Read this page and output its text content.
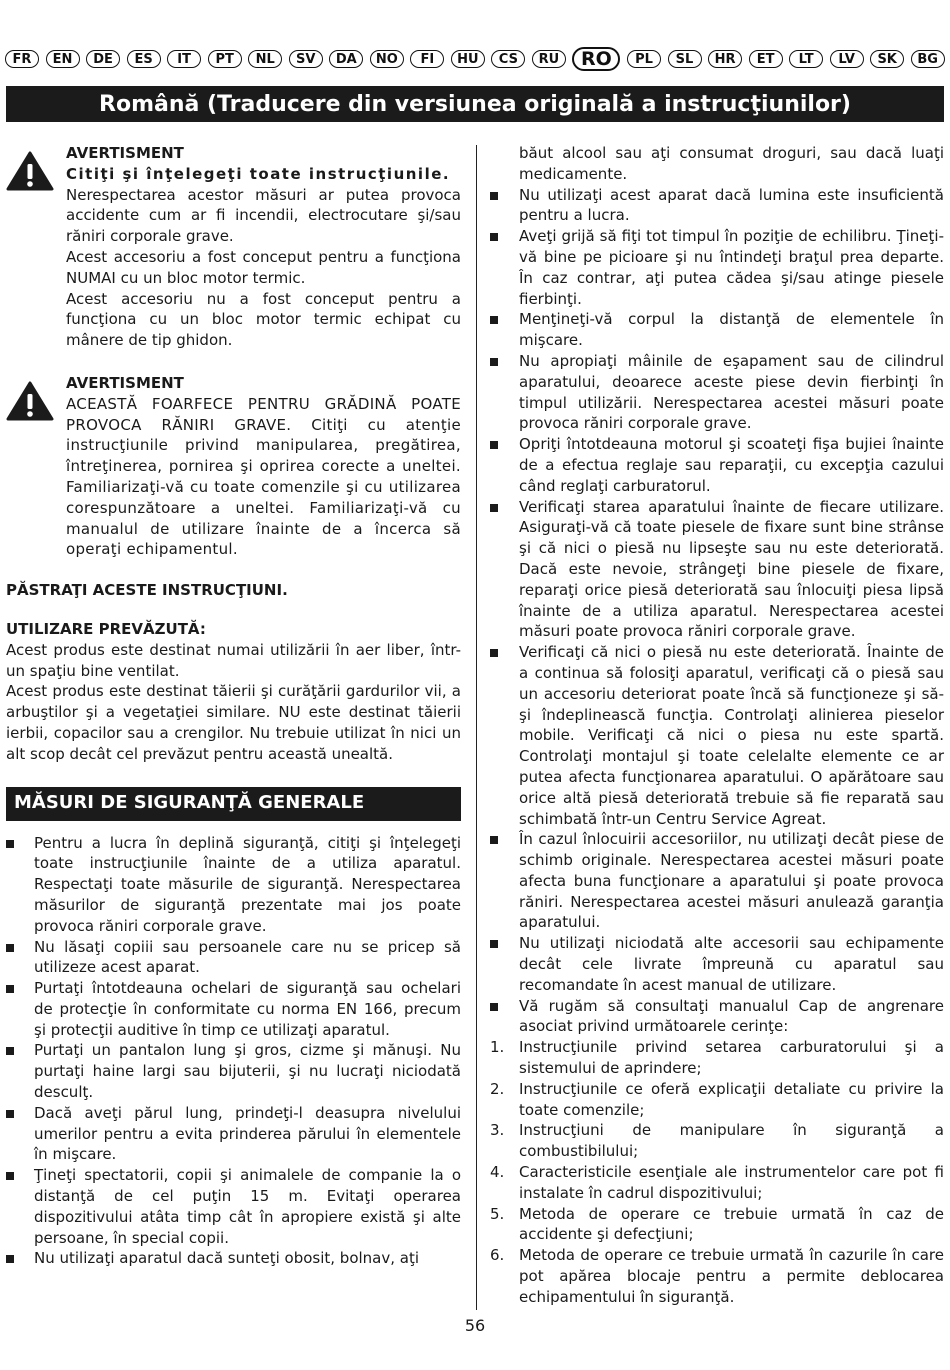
FR	EN	DE	ES	IT	PT	NL	SV	DA	NO	FI	HU	CS	RU	RO	PL	SL	HR	ET	LT	LV	SK	BG
Română (Traducere din versiunea originală a instrucţiunilor)
AVERTISMENT
Citiţi şi înţelegeţi toate instrucţiunile.
Nerespectarea acestor măsuri ar putea provoca accidente cum ar fi incendii, electrocutare şi/sau răniri corporale grave.
Acest accesoriu a fost conceput pentru a funcţiona NUMAI cu un bloc motor termic.
Acest accesoriu nu a fost conceput pentru a funcţiona cu un bloc motor termic echipat cu mânere de tip ghidon.
AVERTISMENT
ACEASTĂ FOARFECE PENTRU GRĂDINĂ POATE PROVOCA RĂNIRI GRAVE. Citiţi cu atenţie instrucţiunile privind manipularea, pregătirea, întreţinerea, pornirea şi oprirea corecte a uneltei. Familiarizaţi-vă cu toate comenzile şi cu utilizarea corespunzătoare a uneltei. Familiarizaţi-vă cu manualul de utilizare înainte de a încerca să operaţi echipamentul.
PĂSTRAŢI ACESTE INSTRUCŢIUNI.
UTILIZARE PREVĂZUTĂ:
Acest produs este destinat numai utilizării în aer liber, într-un spaţiu bine ventilat.
Acest produs este destinat tăierii şi curăţării gardurilor vii, a arbuştilor şi a vegetaţiei similare. NU este destinat tăierii ierbii, copacilor sau a crengilor. Nu trebuie utilizat în nici un alt scop decât cel prevăzut pentru această unealtă.
MĂSURI DE SIGURANŢĂ GENERALE
Pentru a lucra în deplină siguranţă, citiţi şi înţelegeţi toate instrucţiunile înainte de a utiliza aparatul. Respectaţi toate măsurile de siguranţă. Nerespectarea măsurilor de siguranţă prezentate mai jos poate provoca răniri corporale grave.
Nu lăsaţi copiii sau persoanele care nu se pricep să utilizeze acest aparat.
Purtaţi întotdeauna ochelari de siguranţă sau ochelari de protecţie în conformitate cu norma EN 166, precum şi protecţii auditive în timp ce utilizaţi aparatul.
Purtaţi un pantalon lung şi gros, cizme şi mănuşi. Nu purtaţi haine largi sau bijuterii, şi nu lucraţi niciodată desculţ.
Dacă aveţi părul lung, prindeţi-l deasupra nivelului umerilor pentru a evita prinderea părului în elementele în mişcare.
Ţineţi spectatorii, copii şi animalele de companie la o distanţă de cel puţin 15 m. Evitaţi operarea dispozitivului atâta timp cât în apropiere există şi alte persoane, în special copii.
Nu utilizaţi aparatul dacă sunteţi obosit, bolnav, aţi
băut alcool sau aţi consumat droguri, sau dacă luaţi medicamente.
Nu utilizaţi acest aparat dacă lumina este insuficientă pentru a lucra.
Aveţi grijă să fiţi tot timpul în poziţie de echilibru. Ţineţi-vă bine pe picioare şi nu întindeţi braţul prea departe. În caz contrar, aţi putea cădea şi/sau atinge piesele fierbinţi.
Menţineţi-vă corpul la distanţă de elementele în mişcare.
Nu apropiaţi mâinile de eşapament sau de cilindrul aparatului, deoarece aceste piese devin fierbinţi în timpul utilizării. Nerespectarea acestei măsuri poate provoca răniri corporale grave.
Opriţi întotdeauna motorul şi scoateţi fişa bujiei înainte de a efectua reglaje sau reparaţii, cu excepţia cazului când reglaţi carburatorul.
Verificaţi starea aparatului înainte de fiecare utilizare. Asiguraţi-vă că toate piesele de fixare sunt bine strânse şi că nici o piesă nu lipseşte sau nu este deteriorată. Dacă este nevoie, strângeţi bine piesele de fixare, reparaţi orice piesă deteriorată sau înlocuiţi piesa lipsă înainte de a utiliza aparatul. Nerespectarea acestei măsuri poate provoca răniri corporale grave.
Verificaţi că nici o piesă nu este deteriorată. Înainte de a continua să folosiţi aparatul, verificaţi că o piesă sau un accesoriu deteriorat poate încă să funcţioneze şi să-şi îndeplinească funcţia. Controlaţi alinierea pieselor mobile. Verificaţi că nici o piesa nu este spartă. Controlaţi montajul şi toate celelalte elemente ce ar putea afecta funcţionarea aparatului. O apărătoare sau orice altă piesă deteriorată trebuie să fie reparată sau schimbată într-un Centru Service Agreat.
În cazul înlocuirii accesoriilor, nu utilizaţi decât piese de schimb originale. Nerespectarea acestei măsuri poate afecta buna funcţionare a aparatului şi poate provoca răniri. Nerespectarea acestei măsuri anulează garanţia aparatului.
Nu utilizaţi niciodată alte accesorii sau echipamente decât cele livrate împreună cu aparatul sau recomandate în acest manual de utilizare.
Vă rugăm să consultaţi manualul Cap de angrenare asociat privind următoarele cerinţe:
1. Instrucţiunile privind setarea carburatorului şi a sistemului de aprindere;
2. Instrucţiunile ce oferă explicaţii detaliate cu privire la toate comenzile;
3. Instrucţiuni de manipulare în siguranţă a combustibilului;
4. Caracteristicile esenţiale ale instrumentelor care pot fi instalate în cadrul dispozitivului;
5. Metoda de operare ce trebuie urmată în caz de accidente şi defecţiuni;
6. Metoda de operare ce trebuie urmată în cazurile în care pot apărea blocaje pentru a permite deblocarea echipamentului în siguranţă.
56
